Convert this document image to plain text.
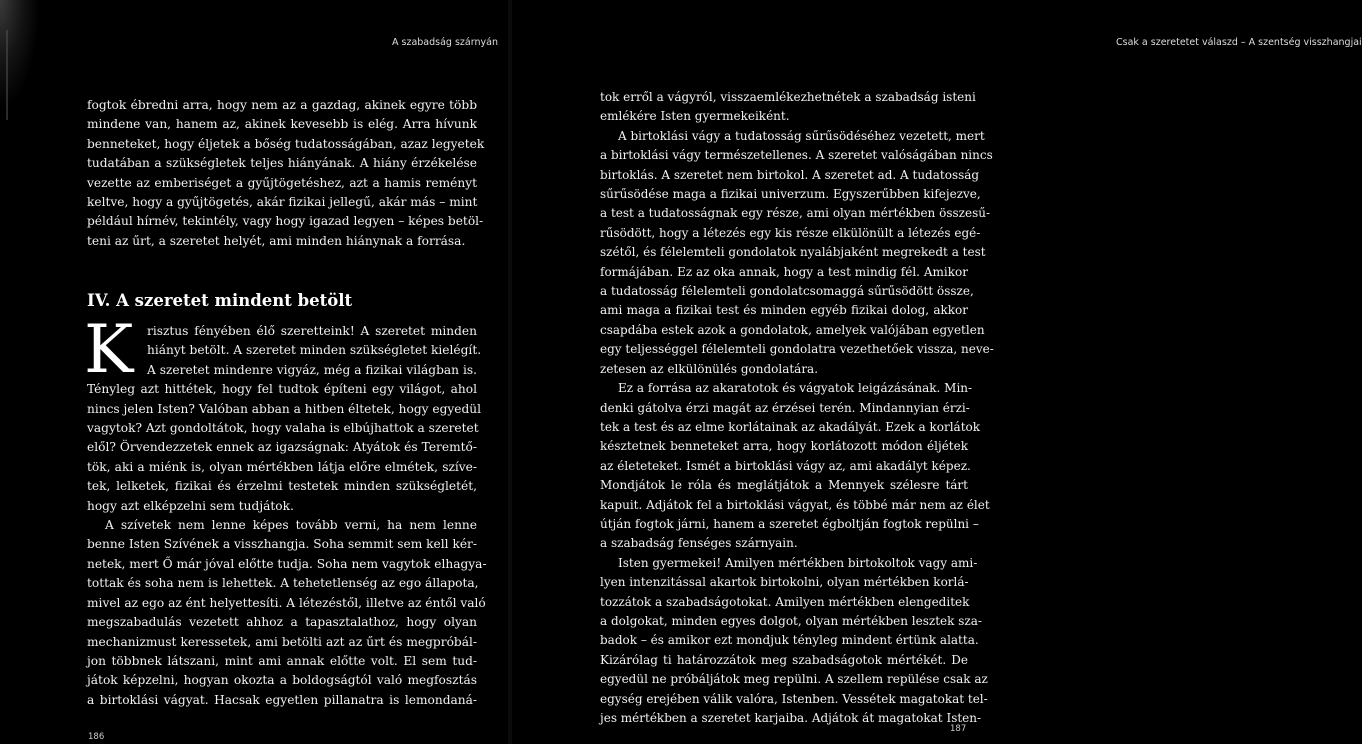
A szabadság szárnyán

fogtok ébredni arra, hogy nem az a gazdag, akinek egyre több

mindene van, hanem az, akinek kevesebb is elég. Arra hívunk

benneteket, hogy éljetek a bőség tudatosságában, azaz legyetek

tudatában a szükségletek teljes hiányának. A hiány érzékelése

vezette az emberiséget a gyűjtögetéshez, azt a hamis reményt

keltve, hogy a gyűjtögetés, akár fizikai jellegű, akár más – mint

például hírnév, tekintély, vagy hogy igazad legyen – képes betöl-

teni az űrt, a szeretet helyét, ami minden hiánynak a forrása.

IV. A szeretet mindent betölt
K	risztus fényében élő szeretteink! A szeretet minden

hiányt betölt. A szeretet minden szükségletet kielégít.

A szeretet mindenre vigyáz, még a fizikai világban is.

Tényleg azt hittétek, hogy fel tudtok építeni egy világot, ahol

nincs jelen Isten? Valóban abban a hitben éltetek, hogy egyedül

vagytok? Azt gondoltátok, hogy valaha is elbújhattok a szeretet

elől? Örvendezzetek ennek az igazságnak: Atyátok és Teremtő-

tök, aki a miénk is, olyan mértékben látja előre elmétek, szíve-

tek, lelketek, fizikai és érzelmi testetek minden szükségletét,

hogy azt elképzelni sem tudjátok.

A szívetek nem lenne képes tovább verni, ha nem lenne

benne Isten Szívének a visszhangja. Soha semmit sem kell kér-

netek, mert Ő már jóval előtte tudja. Soha nem vagytok elhagya-

tottak és soha nem is lehettek. A tehetetlenség az ego állapota,

mivel az ego az ént helyettesíti. A létezéstől, illetve az éntől való

megszabadulás vezetett ahhoz a tapasztalathoz, hogy olyan

mechanizmust keressetek, ami betölti azt az űrt és megpróbál-

jon többnek látszani, mint ami annak előtte volt. El sem tud-

játok képzelni, hogyan okozta a boldogságtól való megfosztás

a birtoklási vágyat. Hacsak egyetlen pillanatra is lemondaná-

186
Csak a szeretetet válaszd – A szentség visszhangjai

tok erről a vágyról, visszaemlékezhetnétek a szabadság isteni

emlékére Isten gyermekeiként.

A birtoklási vágy a tudatosság sűrűsödéséhez vezetett, mert

a birtoklási vágy természetellenes. A szeretet valóságában nincs

birtoklás. A szeretet nem birtokol. A szeretet ad. A tudatosság

sűrűsödése maga a fizikai univerzum. Egyszerűbben kifejezve,

a test a tudatosságnak egy része, ami olyan mértékben összesű-

rűsödött, hogy a létezés egy kis része elkülönült a létezés egé-

szétől, és félelemteli gondolatok nyalábjaként megrekedt a test

formájában. Ez az oka annak, hogy a test mindig fél. Amikor

a tudatosság félelemteli gondolatcsomaggá sűrűsödött össze,

ami maga a fizikai test és minden egyéb fizikai dolog, akkor

csapdába estek azok a gondolatok, amelyek valójában egyetlen

egy teljességgel félelemteli gondolatra vezethetőek vissza, neve-

zetesen az elkülönülés gondolatára.

Ez a forrása az akaratotok és vágyatok leigázásának. Min-

denki gátolva érzi magát az érzései terén. Mindannyian érzi-

tek a test és az elme korlátainak az akadályát. Ezek a korlátok

késztetnek benneteket arra, hogy korlátozott módon éljétek

az életeteket. Ismét a birtoklási vágy az, ami akadályt képez.

Mondjátok le róla és meglátjátok a Mennyek szélesre tárt

kapuit. Adjátok fel a birtoklási vágyat, és többé már nem az élet

útján fogtok járni, hanem a szeretet égboltján fogtok repülni –

a szabadság fenséges szárnyain.

Isten gyermekei! Amilyen mértékben birtokoltok vagy ami-

lyen intenzitással akartok birtokolni, olyan mértékben korlá-

tozzátok a szabadságotokat. Amilyen mértékben elengeditek

a dolgokat, minden egyes dolgot, olyan mértékben lesztek sza-

badok – és amikor ezt mondjuk tényleg mindent értünk alatta.

Kizárólag ti határozzátok meg szabadságotok mértékét. De

egyedül ne próbáljátok meg repülni. A szellem repülése csak az

egység erejében válik valóra, Istenben. Vessétek magatokat tel-

jes mértékben a szeretet karjaiba. Adjátok át magatokat Isten-

187
